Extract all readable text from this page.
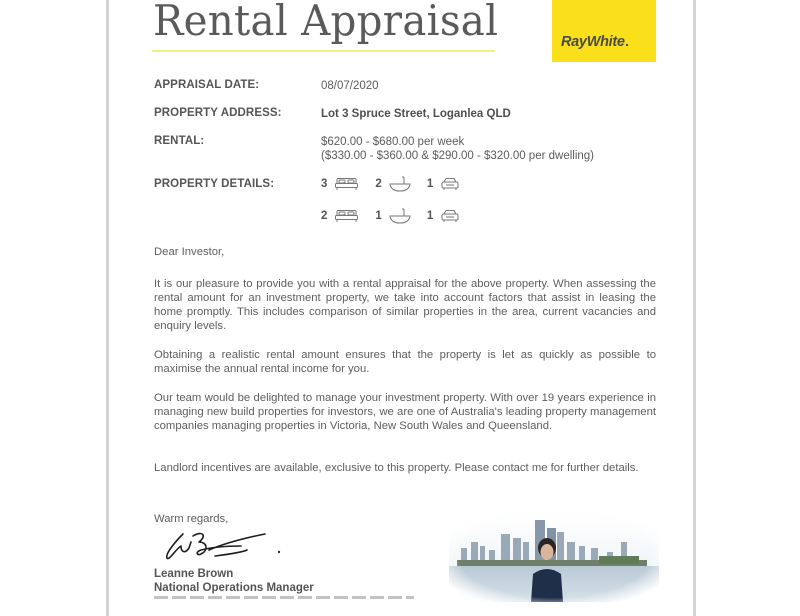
Rental Appraisal	RayWhite
APPRAISAL DATE:	08/07/2020
PROPERTY ADDRESS:	Lot 3 Spruce Street, Loganlea QLD
RENTAL:	$620.00 - $680.00 per week
($330.00 - $360.00 & $290.00 - $320.00 per dwelling)
PROPERTY DETAILS:	3	2	1
2	1	1

Dear Investor,

It is our pleasure to provide you with a rental appraisal for the above property. When assessing the rental amount for an investment property, we take into account factors that assist in leasing the home promptly. This includes comparison of similar properties in the area, current vacancies and enquiry levels.

Obtaining a realistic rental amount ensures that the property is let as quickly as possible to maximise the annual rental income for you.

Our team would be delighted to manage your investment property. With over 19 years experience in managing new build properties for investors, we are one of Australia's leading property management companies managing properties in Victoria, New South Wales and Queensland.

Landlord incentives are available, exclusive to this property. Please contact me for further details.

Warm regards,

Leanne Brown
National Operations Manager
